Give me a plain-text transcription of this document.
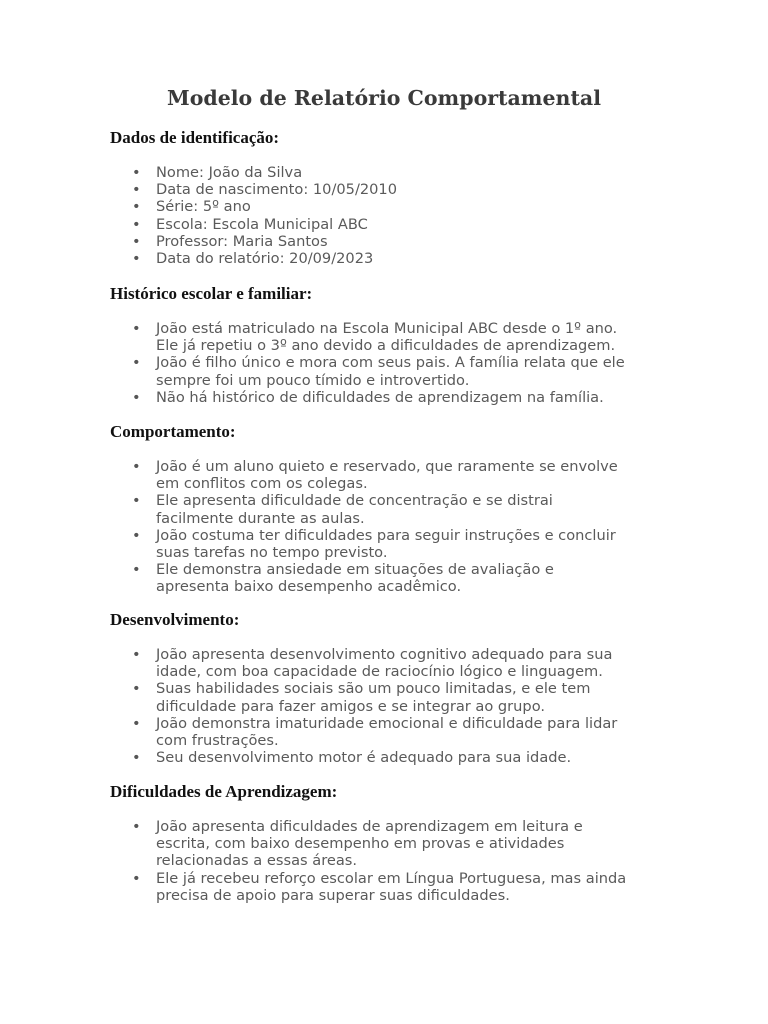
Modelo de Relatório Comportamental
Dados de identificação:
• Nome: João da Silva
• Data de nascimento: 10/05/2010
• Série: 5º ano
• Escola: Escola Municipal ABC
• Professor: Maria Santos
• Data do relatório: 20/09/2023
Histórico escolar e familiar:
• João está matriculado na Escola Municipal ABC desde o 1º ano.
Ele já repetiu o 3º ano devido a dificuldades de aprendizagem.
• João é filho único e mora com seus pais. A família relata que ele
sempre foi um pouco tímido e introvertido.
• Não há histórico de dificuldades de aprendizagem na família.
Comportamento:
• João é um aluno quieto e reservado, que raramente se envolve
em conflitos com os colegas.
• Ele apresenta dificuldade de concentração e se distrai
facilmente durante as aulas.
• João costuma ter dificuldades para seguir instruções e concluir
suas tarefas no tempo previsto.
• Ele demonstra ansiedade em situações de avaliação e
apresenta baixo desempenho acadêmico.
Desenvolvimento:
• João apresenta desenvolvimento cognitivo adequado para sua
idade, com boa capacidade de raciocínio lógico e linguagem.
• Suas habilidades sociais são um pouco limitadas, e ele tem
dificuldade para fazer amigos e se integrar ao grupo.
• João demonstra imaturidade emocional e dificuldade para lidar
com frustrações.
• Seu desenvolvimento motor é adequado para sua idade.
Dificuldades de Aprendizagem:
• João apresenta dificuldades de aprendizagem em leitura e
escrita, com baixo desempenho em provas e atividades
relacionadas a essas áreas.
• Ele já recebeu reforço escolar em Língua Portuguesa, mas ainda
precisa de apoio para superar suas dificuldades.
